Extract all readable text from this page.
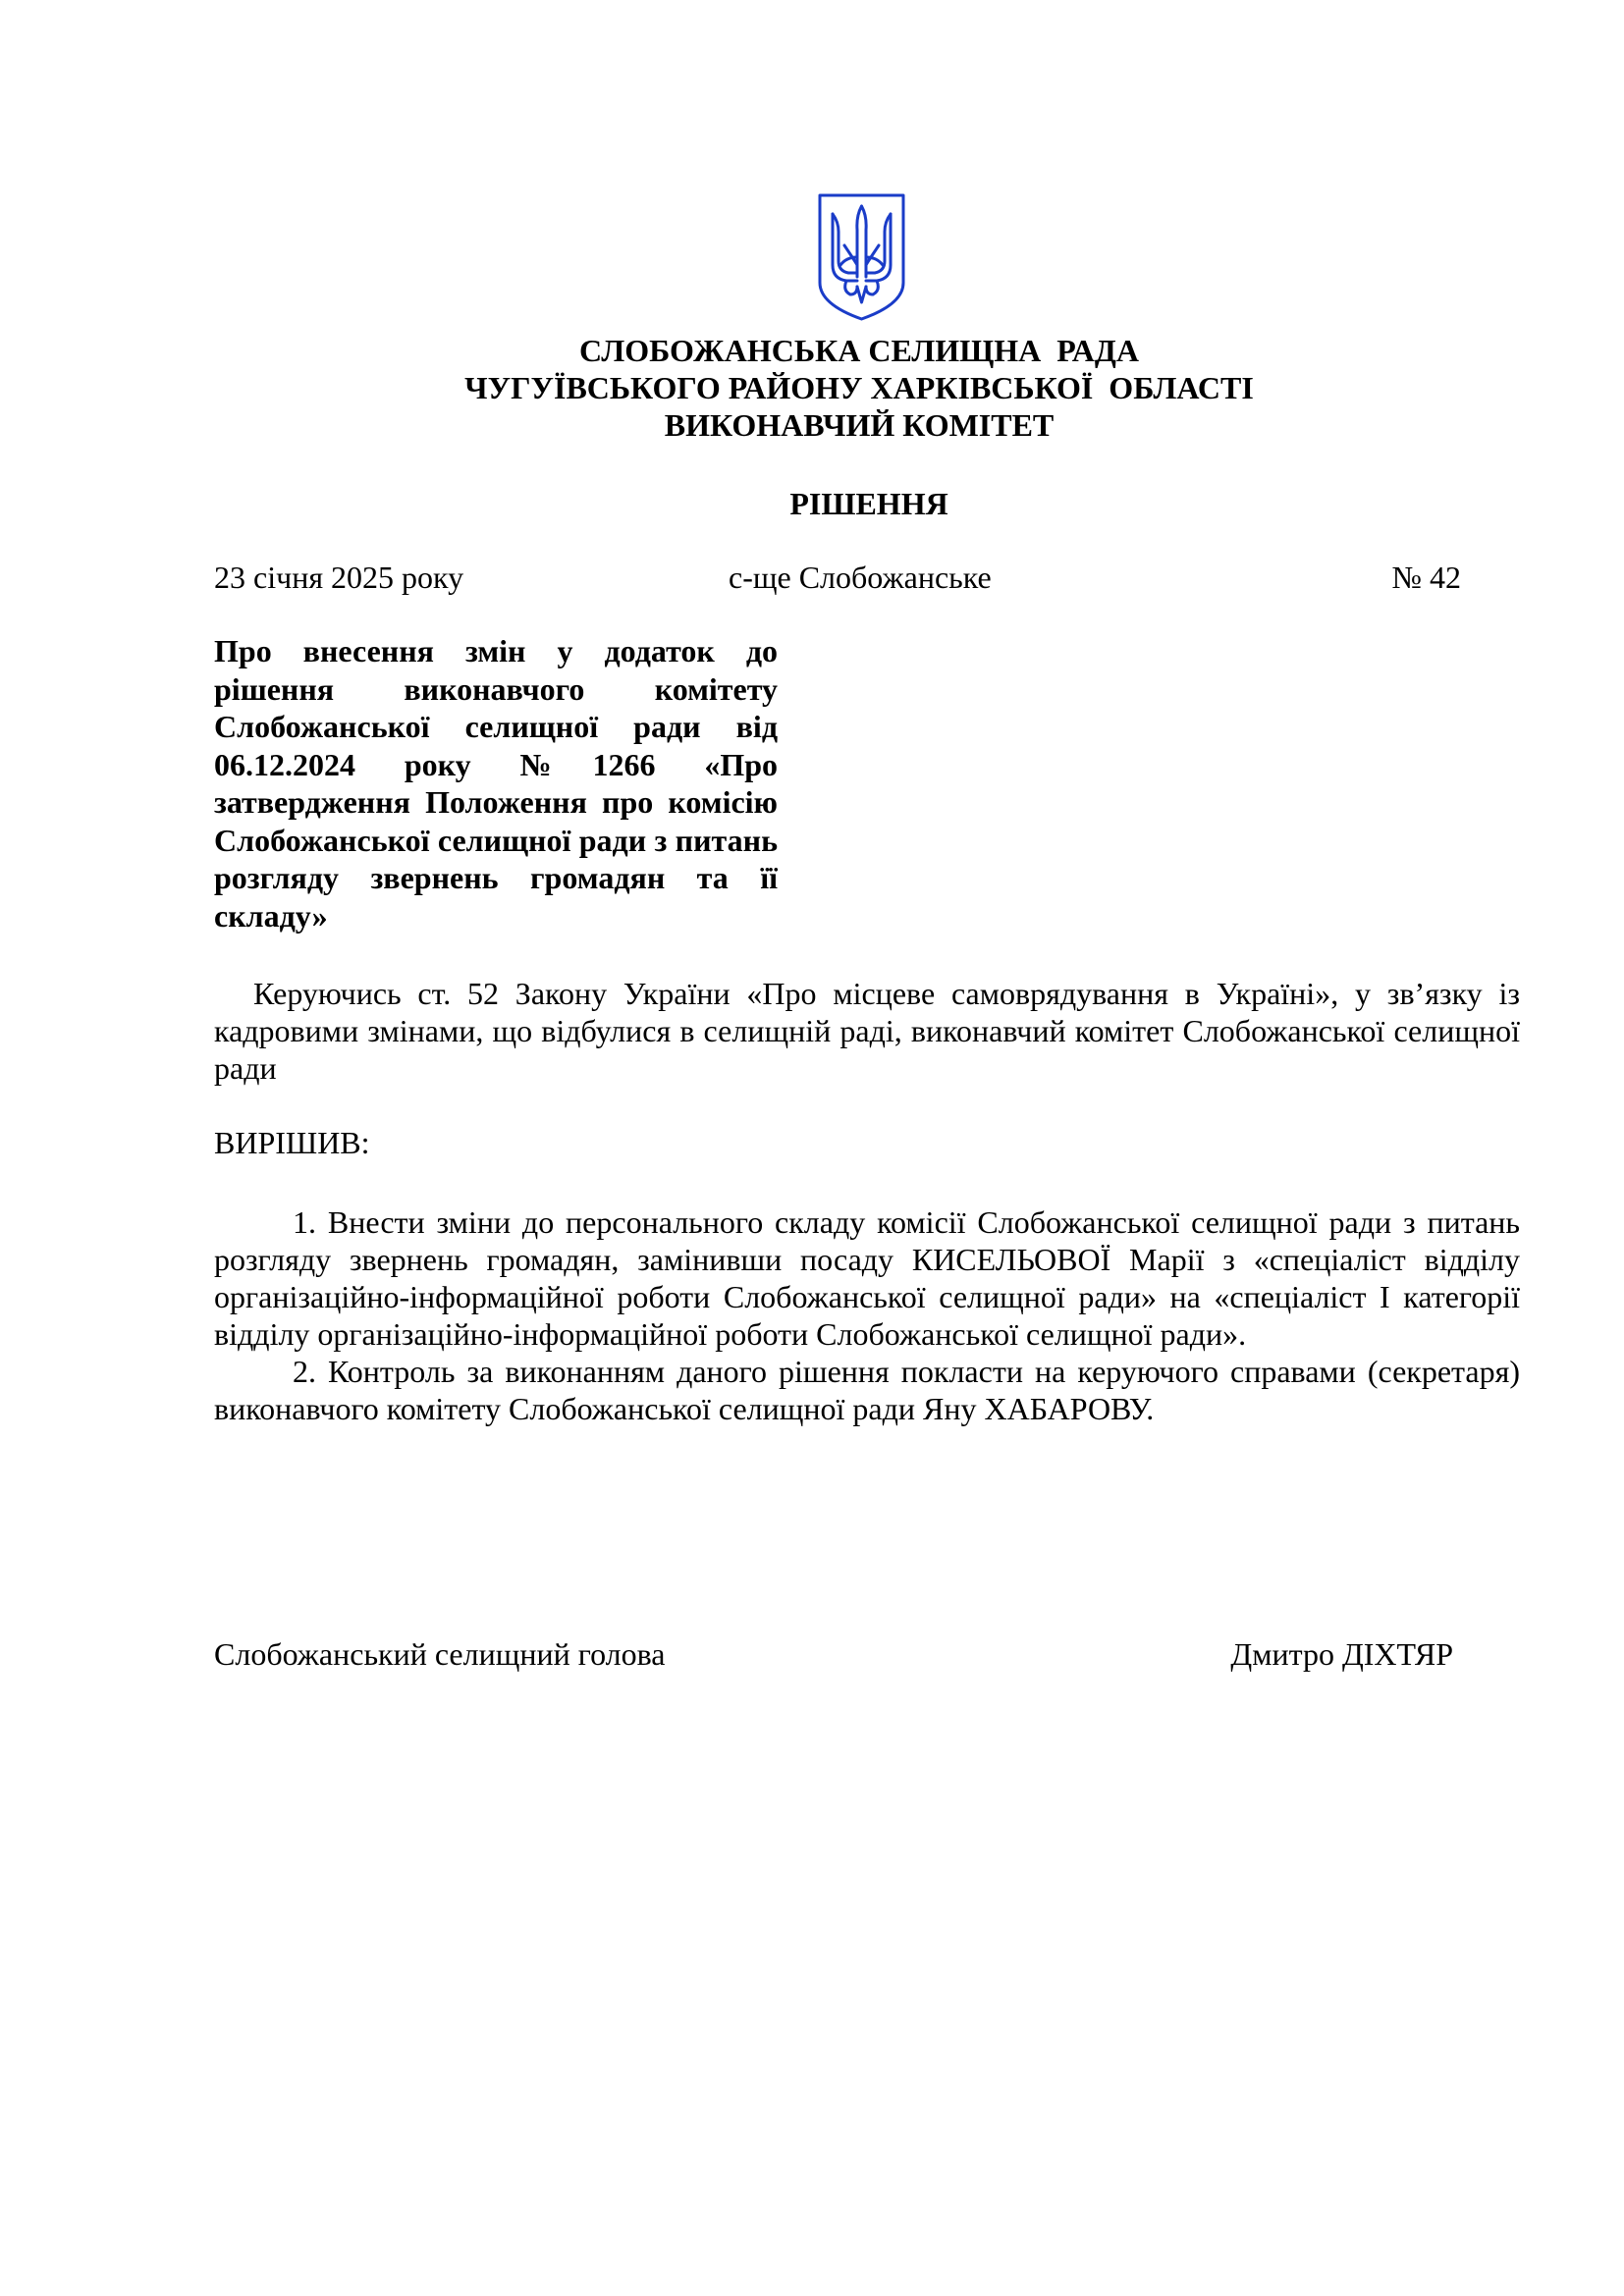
СЛОБОЖАНСЬКА СЕЛИЩНА  РАДА
ЧУГУЇВСЬКОГО РАЙОНУ ХАРКІВСЬКОЇ  ОБЛАСТІ
ВИКОНАВЧИЙ КОМІТЕТ
РІШЕННЯ
23 січня 2025 року	с-ще Слобожанське	№ 42
Про внесення змін у додаток до рішення виконавчого комітету Слобожанської селищної ради від 06.12.2024 року №1266 «Про затвердження Положення про комісію Слобожанської селищної ради з питань розгляду звернень громадян та її складу»
Керуючись ст. 52 Закону України «Про місцеве самоврядування в Україні», у зв’язку із кадровими змінами, що відбулися в селищній раді, виконавчий комітет Слобожанської селищної ради
ВИРІШИВ:

1. Внести зміни до персонального складу комісії Слобожанської селищної ради з питань розгляду звернень громадян, замінивши посаду КИСЕЛЬОВОЇ Марії з «спеціаліст відділу організаційно-інформаційної роботи Слобожанської селищної ради» на «спеціаліст І категорії відділу організаційно-інформаційної роботи Слобожанської селищної ради».

2. Контроль за виконанням даного рішення покласти на керуючого справами (секретаря) виконавчого комітету Слобожанської селищної ради Яну ХАБАРОВУ.

Слобожанський селищний голова	Дмитро ДІХТЯР
